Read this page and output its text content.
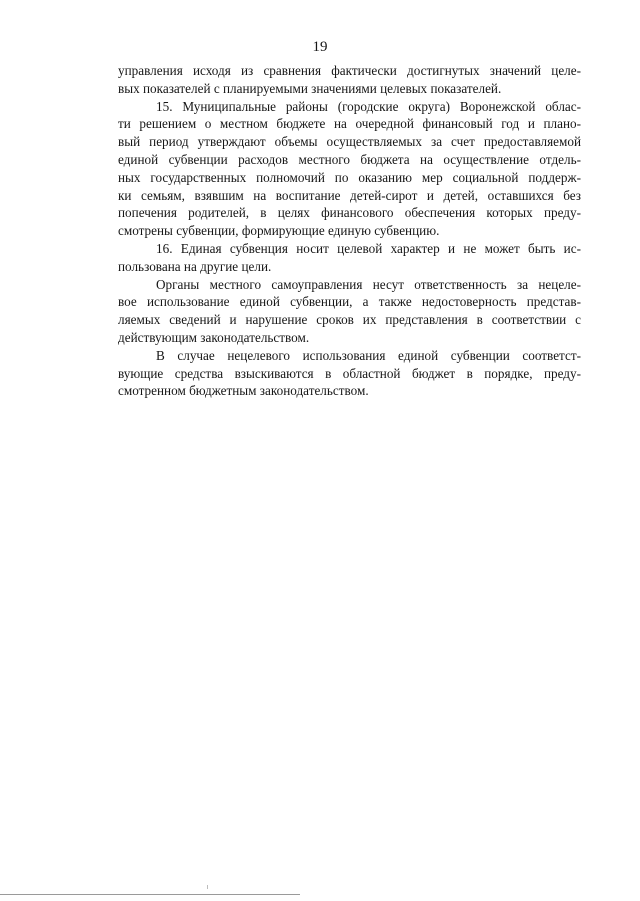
19
управления исходя из сравнения фактически достигнутых значений целе-
вых показателей с планируемыми значениями целевых показателей.
15. Муниципальные районы (городские округа) Воронежской облас-
ти решением о местном бюджете на очередной финансовый год и плано-
вый период утверждают объемы осуществляемых за счет предоставляемой
единой субвенции расходов местного бюджета на осуществление отдель-
ных государственных полномочий по оказанию мер социальной поддерж-
ки семьям, взявшим на воспитание детей-сирот и детей, оставшихся без
попечения родителей, в целях финансового обеспечения которых преду-
смотрены субвенции, формирующие единую субвенцию.
16. Единая субвенция носит целевой характер и не может быть ис-
пользована на другие цели.
Органы местного самоуправления несут ответственность за нецеле-
вое использование единой субвенции, а также недостоверность представ-
ляемых сведений и нарушение сроков их представления в соответствии с
действующим законодательством.
В случае нецелевого использования единой субвенции соответст-
вующие средства взыскиваются в областной бюджет в порядке, преду-
смотренном бюджетным законодательством.
